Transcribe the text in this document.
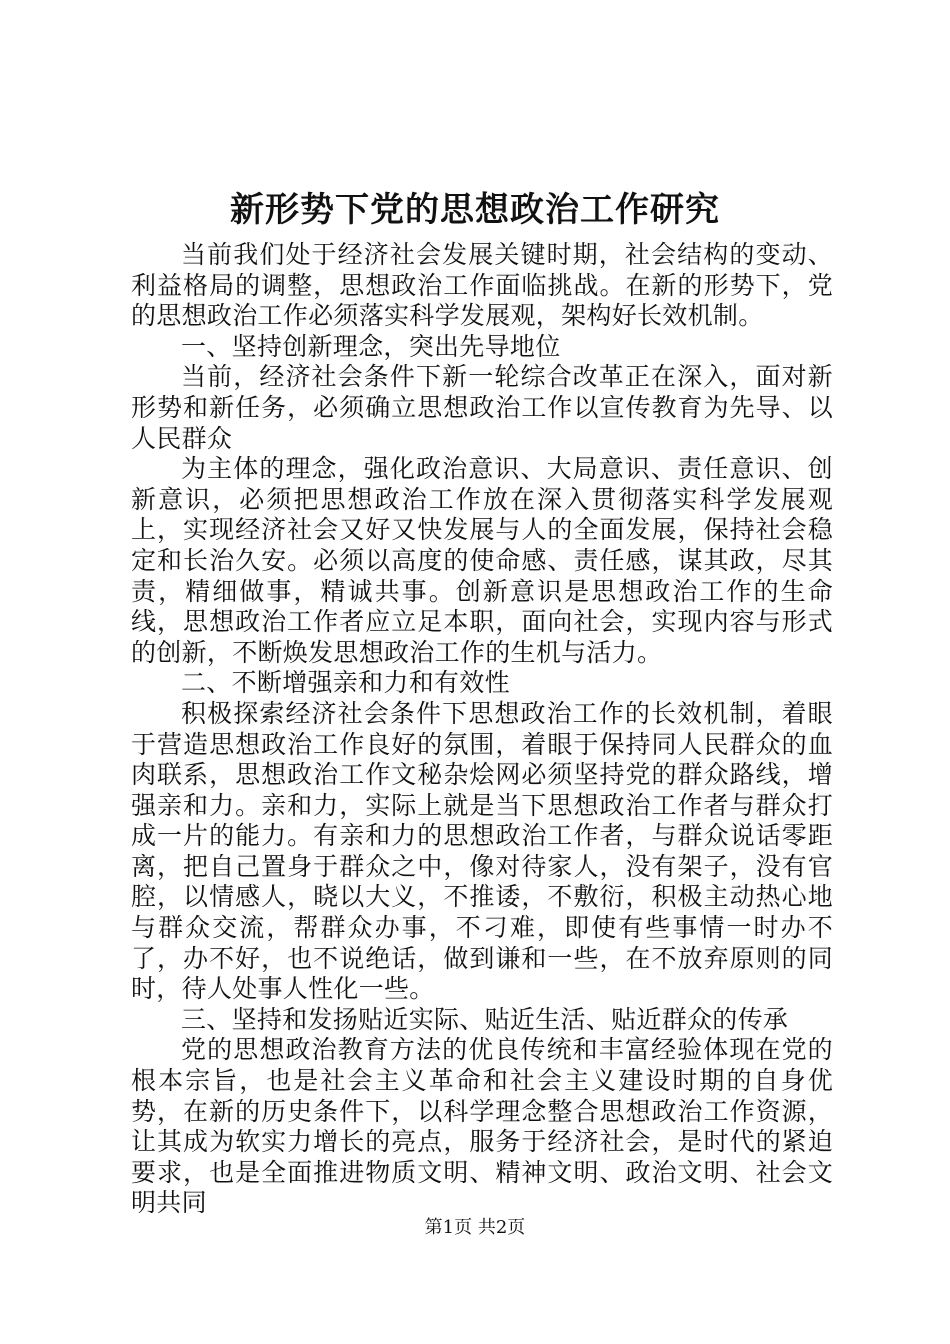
新形势下党的思想政治工作研究

当前我们处于经济社会发展关键时期，社会结构的变动、利益格局的调整，思想政治工作面临挑战。在新的形势下，党的思想政治工作必须落实科学发展观，架构好长效机制。

一、坚持创新理念，突出先导地位

当前，经济社会条件下新一轮综合改革正在深入，面对新形势和新任务，必须确立思想政治工作以宣传教育为先导、以人民群众

为主体的理念，强化政治意识、大局意识、责任意识、创新意识，必须把思想政治工作放在深入贯彻落实科学发展观上，实现经济社会又好又快发展与人的全面发展，保持社会稳定和长治久安。必须以高度的使命感、责任感，谋其政，尽其责，精细做事，精诚共事。创新意识是思想政治工作的生命线，思想政治工作者应立足本职，面向社会，实现内容与形式的创新，不断焕发思想政治工作的生机与活力。

二、不断增强亲和力和有效性

积极探索经济社会条件下思想政治工作的长效机制，着眼于营造思想政治工作良好的氛围，着眼于保持同人民群众的血肉联系，思想政治工作文秘杂烩网必须坚持党的群众路线，增强亲和力。亲和力，实际上就是当下思想政治工作者与群众打成一片的能力。有亲和力的思想政治工作者，与群众说话零距离，把自己置身于群众之中，像对待家人，没有架子，没有官腔，以情感人，晓以大义，不推诿，不敷衍，积极主动热心地与群众交流，帮群众办事，不刁难，即使有些事情一时办不了，办不好，也不说绝话，做到谦和一些，在不放弃原则的同时，待人处事人性化一些。

三、坚持和发扬贴近实际、贴近生活、贴近群众的传承

党的思想政治教育方法的优良传统和丰富经验体现在党的根本宗旨，也是社会主义革命和社会主义建设时期的自身优势，在新的历史条件下，以科学理念整合思想政治工作资源，让其成为软实力增长的亮点，服务于经济社会，是时代的紧迫要求，也是全面推进物质文明、精神文明、政治文明、社会文明共同

第1页 共2页
